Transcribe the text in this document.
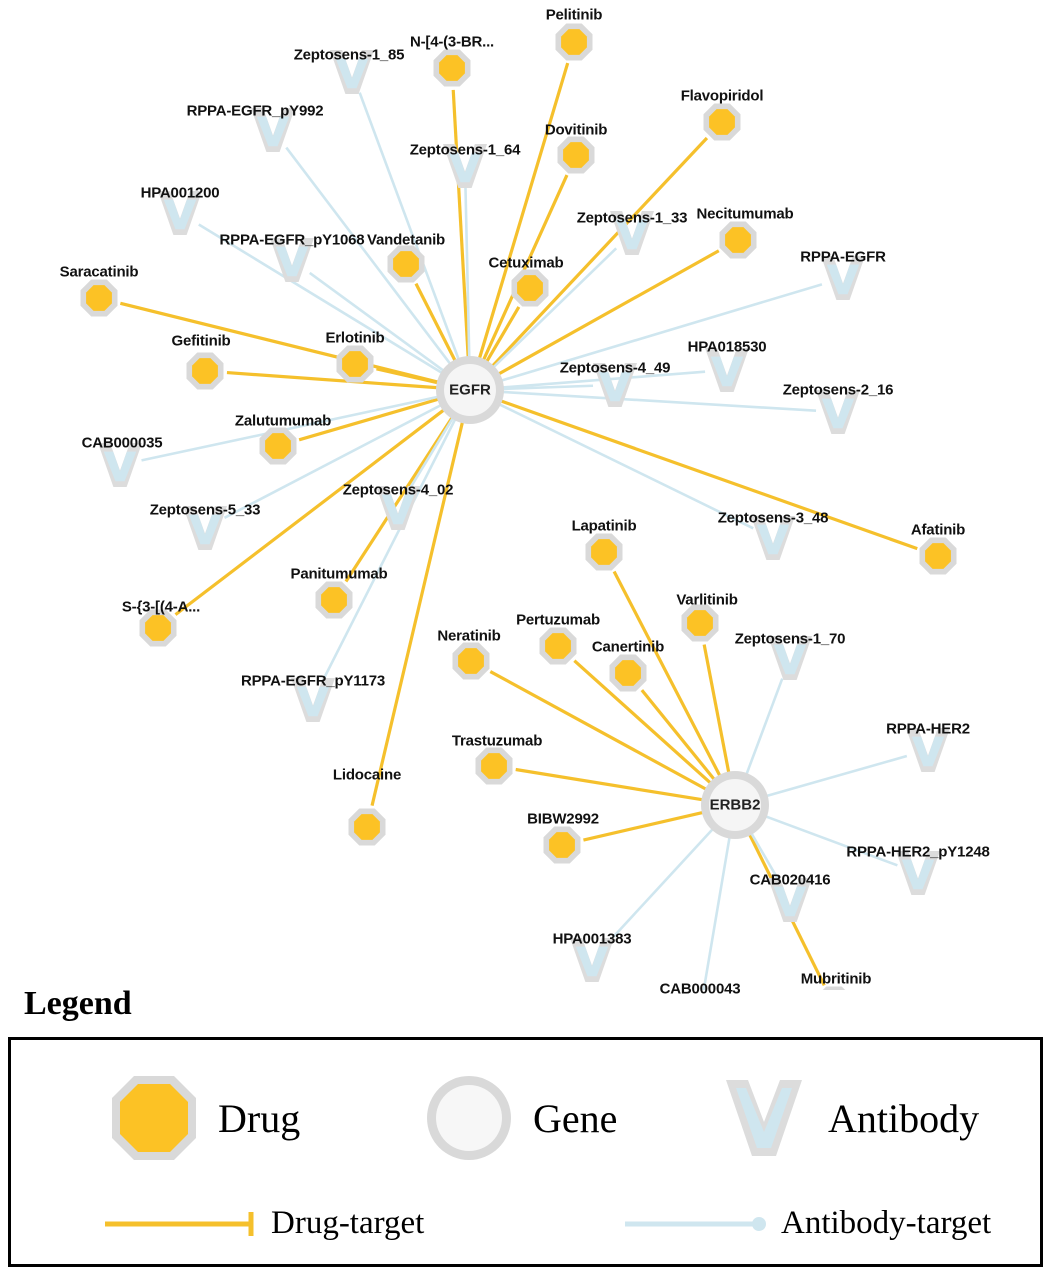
Pelitinib
N-[4-(3-BR...
Flavopiridol
Dovitinib
Necitumumab
Vandetanib
Cetuximab
Saracatinib
Gefitinib	Erlotinib
Zalutumumab
Afatinib
Lapatinib
Varlitinib
Panitumumab
S-{3-[(4-A...
Pertuzumab
Neratinib
Canertinib
Trastuzumab
Lidocaine
BIBW2992
Mubritinib
Zeptosens-1_85
RPPA-EGFR_pY992
Zeptosens-1_64
HPA001200
Zeptosens-1_33
RPPA-EGFR_pY1068
RPPA-EGFR
HPA018530
Zeptosens-4_49
Zeptosens-2_16
CAB000035
Zeptosens-5_33
Zeptosens-4_02
Zeptosens-3_48
Zeptosens-1_70
RPPA-EGFR_pY1173
RPPA-HER2
RPPA-HER2_pY1248
CAB020416
HPA001383
CAB000043
EGFR
ERBB2
Legend
Drug	Gene	Antibody
Drug-target	Antibody-target
